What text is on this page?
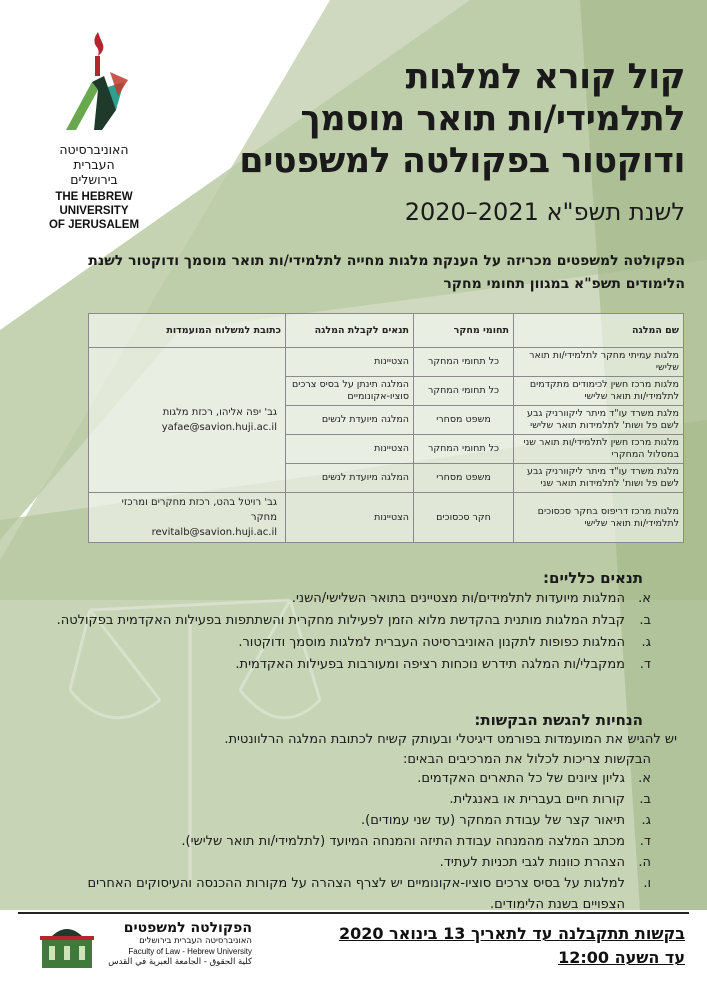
האוניברסיטה
העברית
בירושלים
THE HEBREW
UNIVERSITY
OF JERUSALEM
קול קורא למלגות
לתלמידי/ות תואר מוסמך
ודוקטור בפקולטה למשפטים
לשנת תשפ"א 2021–2020
הפקולטה למשפטים מכריזה על הענקת מלגות מחייה לתלמידי/ות תואר מוסמך ודוקטור לשנת הלימודים תשפ"א במגוון תחומי מחקר
שם המלגה	תחומי מחקר	תנאים לקבלת המלגה	כתובת למשלוח המועמדות
מלגות עמיתי מחקר לתלמידי/ות תואר שלישי	כל תחומי המחקר	הצטיינות	גב' יפה אליהו, רכזת מלגות
yafae@savion.huji.ac.il

מלגות מרכז חשין לכימודים מתקדמים לתלמידי/ות תואר שלישי	כל תחומי המחקר	המלגה תינתן על בסיס צרכים סוציו-אקונומיים	
מלגת משרד עו"ד מיתר ליקוורניק גבע לשם פל ושות' לתלמידות תואר שלישי	משפט מסחרי	המלגה מיועדת לנשים	
מלגות מרכז חשין לתלמידי/ות תואר שני במסלול המחקרי	כל תחומי המחקר	הצטיינות	
מלגת משרד עו"ד מיתר ליקוורניק גבע לשם פל ושות' לתלמידות תואר שני	משפט מסחרי	המלגה מיועדת לנשים	
מלגות מרכז דריפוס בחקר סכסוכים לתלמידי/ות תואר שלישי	חקר סכסוכים	הצטיינות	גב' רויטל בהט, רכזת מחקרים ומרכזי מחקר
revitalb@savion.huji.ac.il
תנאים כלליים:
א.
המלגות מיועדות לתלמידים/ות מצטיינים בתואר השלישי/השני.
ב.
קבלת המלגות מותנית בהקדשת מלוא הזמן לפעילות מחקרית והשתתפות בפעילות האקדמית בפקולטה.
ג.
המלגות כפופות לתקנון האוניברסיטה העברית למלגות מוסמך ודוקטור.
ד.
ממקבלי/ות המלגה תידרש נוכחות רציפה ומעורבות בפעילות האקדמית.
הנחיות להגשת הבקשות:
יש להגיש את המועמדות בפורמט דיגיטלי ובעותק קשיח לכתובת המלגה הרלוונטית.
הבקשות צריכות לכלול את המרכיבים הבאים:
א.
גליון ציונים של כל התארים האקדמים.
ב.
קורות חיים בעברית או באנגלית.
ג.
תיאור קצר של עבודת המחקר (עד שני עמודים).
ד.
מכתב המלצה מהמנחה עבודת התיזה והמנחה המיועד (לתלמידי/ות תואר שלישי).
ה.
הצהרת כוונות לגבי תכניות לעתיד.
ו.
למלגות על בסיס צרכים סוציו-אקונומיים יש לצרף הצהרה על מקורות ההכנסה והעיסוקים האחרים הצפויים בשנת הלימודים.
בקשות תתקבלנה עד לתאריך 13 בינואר 2020
עד השעה 12:00
הפקולטה למשפטים
האוניברסיטה העברית בירושלים
Faculty of Law - Hebrew University
كلية الحقوق - الجامعة العبرية في القدس
